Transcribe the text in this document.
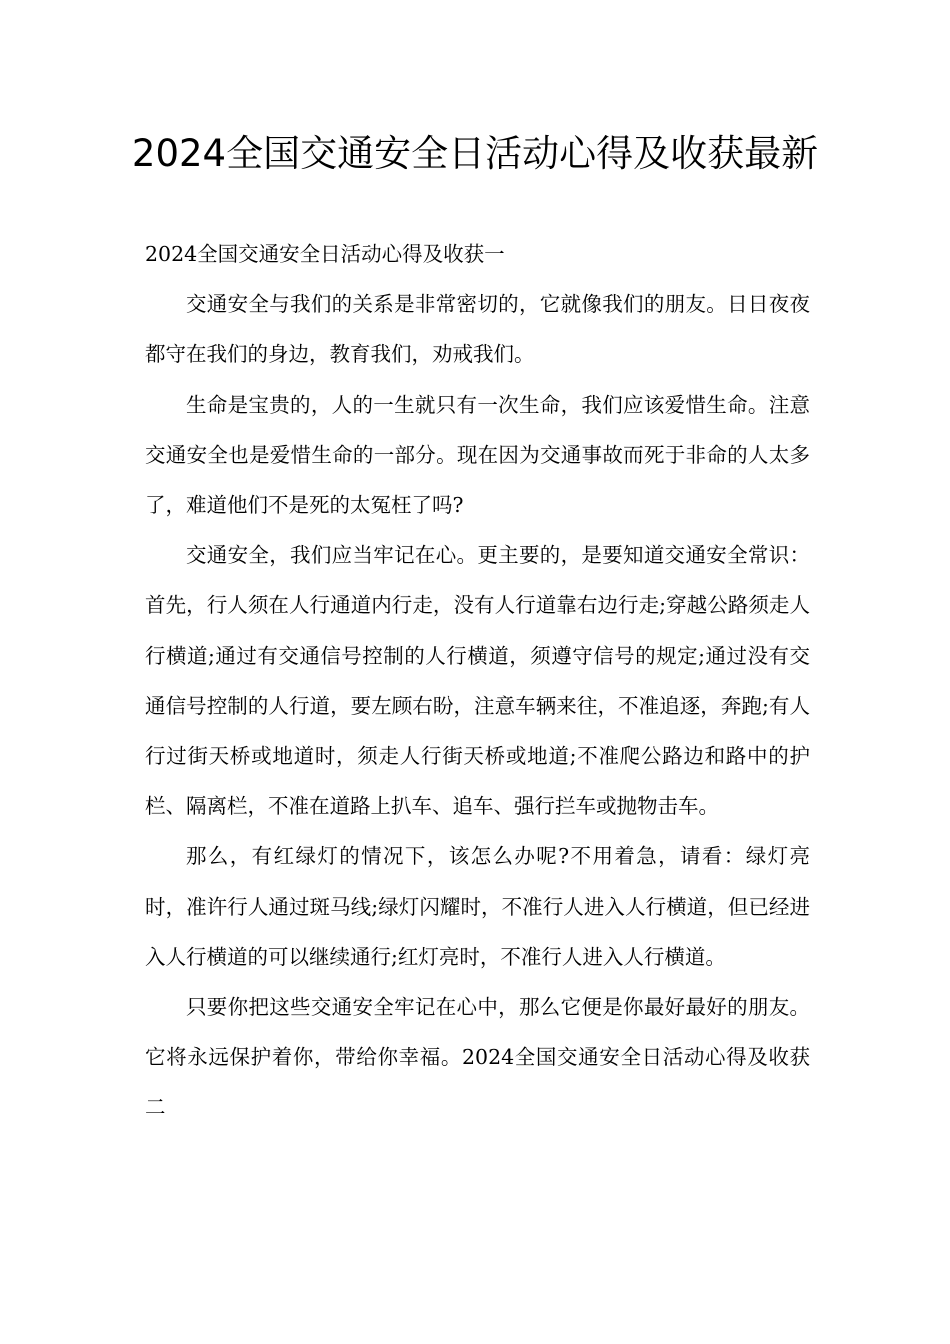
2024全国交通安全日活动心得及收获最新

2024全国交通安全日活动心得及收获一

交通安全与我们的关系是非常密切的，它就像我们的朋友。日日夜夜都守在我们的身边，教育我们，劝戒我们。

生命是宝贵的，人的一生就只有一次生命，我们应该爱惜生命。注意交通安全也是爱惜生命的一部分。现在因为交通事故而死于非命的人太多了，难道他们不是死的太冤枉了吗?

交通安全，我们应当牢记在心。更主要的，是要知道交通安全常识：首先，行人须在人行通道内行走，没有人行道靠右边行走;穿越公路须走人行横道;通过有交通信号控制的人行横道，须遵守信号的规定;通过没有交通信号控制的人行道，要左顾右盼，注意车辆来往，不准追逐，奔跑;有人行过街天桥或地道时，须走人行街天桥或地道;不准爬公路边和路中的护栏、隔离栏，不准在道路上扒车、追车、强行拦车或抛物击车。

那么，有红绿灯的情况下，该怎么办呢?不用着急，请看：绿灯亮时，准许行人通过斑马线;绿灯闪耀时，不准行人进入人行横道，但已经进入人行横道的可以继续通行;红灯亮时，不准行人进入人行横道。

只要你把这些交通安全牢记在心中，那么它便是你最好最好的朋友。它将永远保护着你，带给你幸福。2024全国交通安全日活动心得及收获二
